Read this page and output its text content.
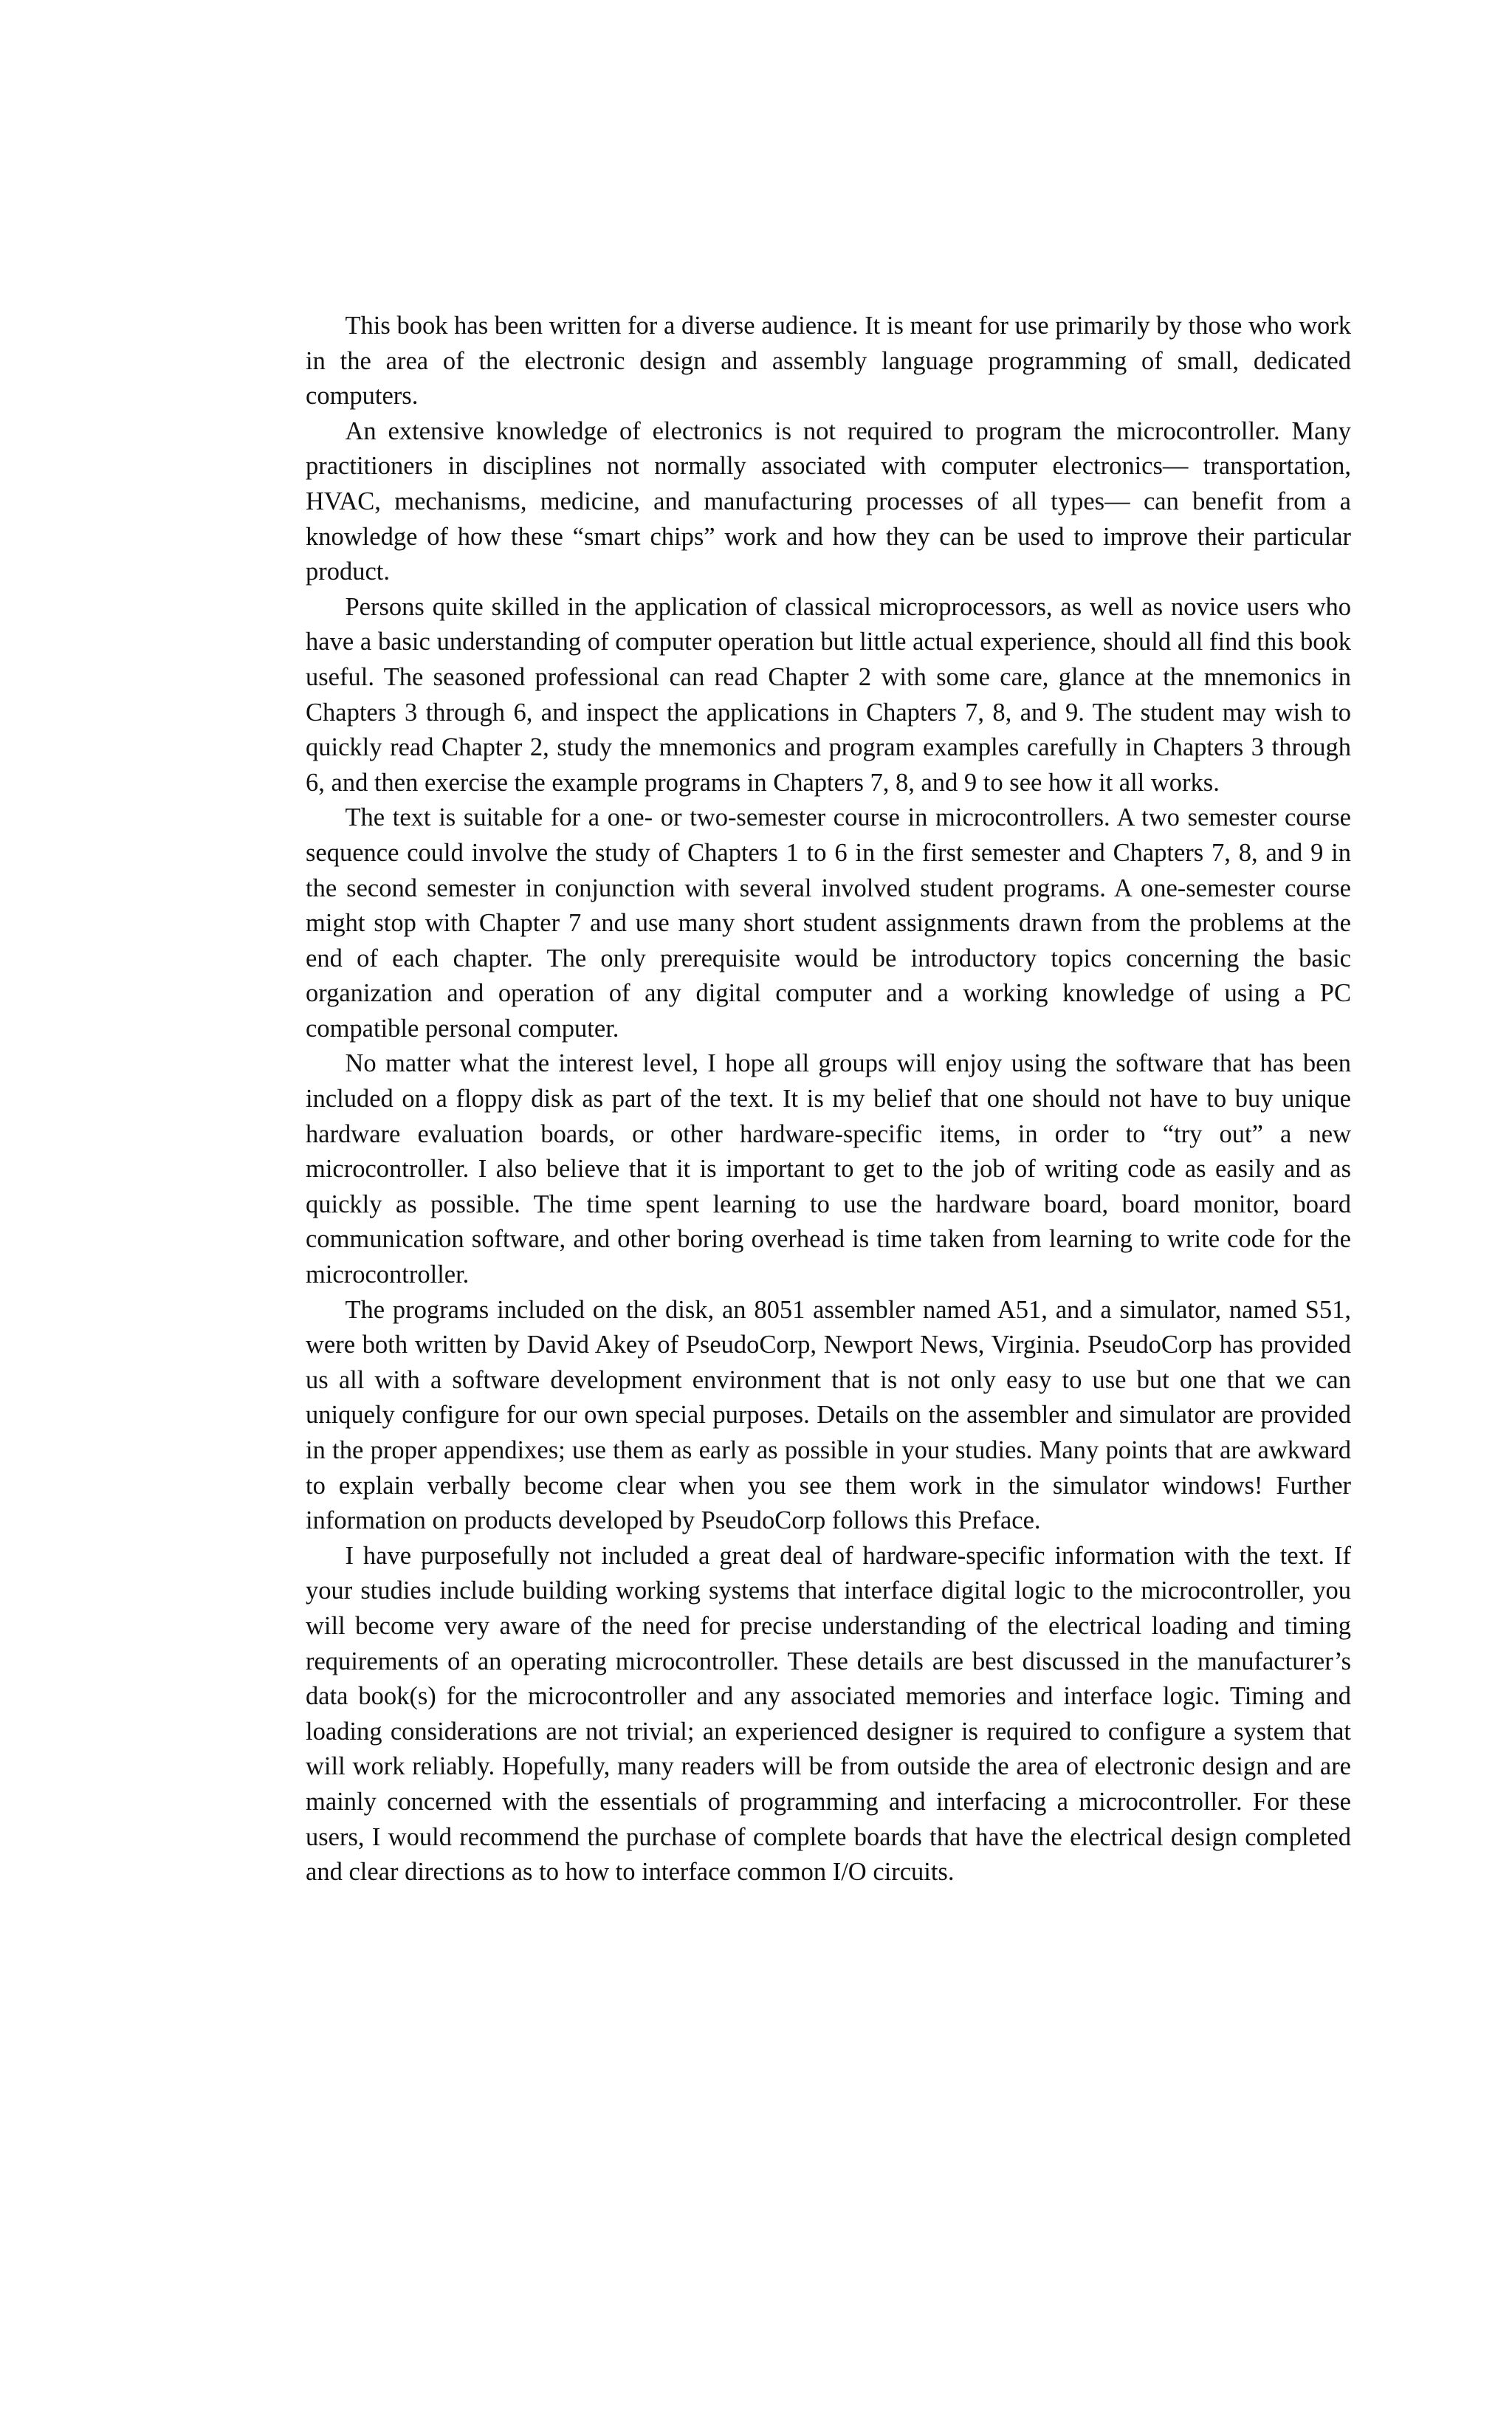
This book has been written for a diverse audience. It is meant for use primarily by those who work in the area of the electronic design and assembly language programming of small, dedicated computers.

An extensive knowledge of electronics is not required to program the microcontroller. Many practitioners in disciplines not normally associated with computer electronics— transportation, HVAC, mechanisms, medicine, and manufacturing processes of all types— can benefit from a knowledge of how these “smart chips” work and how they can be used to improve their particular product.

Persons quite skilled in the application of classical microprocessors, as well as novice users who have a basic understanding of computer operation but little actual experience, should all find this book useful. The seasoned professional can read Chapter 2 with some care, glance at the mnemonics in Chapters 3 through 6, and inspect the applications in Chapters 7, 8, and 9. The student may wish to quickly read Chapter 2, study the mnemonics and program examples carefully in Chapters 3 through 6, and then exercise the example programs in Chapters 7, 8, and 9 to see how it all works.

The text is suitable for a one- or two-semester course in microcontrollers. A two semester course sequence could involve the study of Chapters 1 to 6 in the first semester and Chapters 7, 8, and 9 in the second semester in conjunction with several involved student programs. A one-semester course might stop with Chapter 7 and use many short student assignments drawn from the problems at the end of each chapter. The only prerequisite would be introductory topics concerning the basic organization and operation of any digital computer and a working knowledge of using a PC compatible personal computer.

No matter what the interest level, I hope all groups will enjoy using the software that has been included on a floppy disk as part of the text. It is my belief that one should not have to buy unique hardware evaluation boards, or other hardware-specific items, in order to “try out” a new microcontroller. I also believe that it is important to get to the job of writing code as easily and as quickly as possible. The time spent learning to use the hardware board, board monitor, board communication software, and other boring overhead is time taken from learning to write code for the microcontroller.

The programs included on the disk, an 8051 assembler named A51, and a simulator, named S51, were both written by David Akey of PseudoCorp, Newport News, Virginia. PseudoCorp has provided us all with a software development environment that is not only easy to use but one that we can uniquely configure for our own special purposes. Details on the assembler and simulator are provided in the proper appendixes; use them as early as possible in your studies. Many points that are awkward to explain verbally become clear when you see them work in the simulator windows! Further information on products developed by PseudoCorp follows this Preface.

I have purposefully not included a great deal of hardware-specific information with the text. If your studies include building working systems that interface digital logic to the microcontroller, you will become very aware of the need for precise understanding of the electrical loading and timing requirements of an operating microcontroller. These details are best discussed in the manufacturer’s data book(s) for the microcontroller and any associated memories and interface logic. Timing and loading considerations are not trivial; an experienced designer is required to configure a system that will work reliably. Hopefully, many readers will be from outside the area of electronic design and are mainly concerned with the essentials of programming and interfacing a microcontroller. For these users, I would recommend the purchase of complete boards that have the electrical design completed and clear directions as to how to interface common I/O circuits.
